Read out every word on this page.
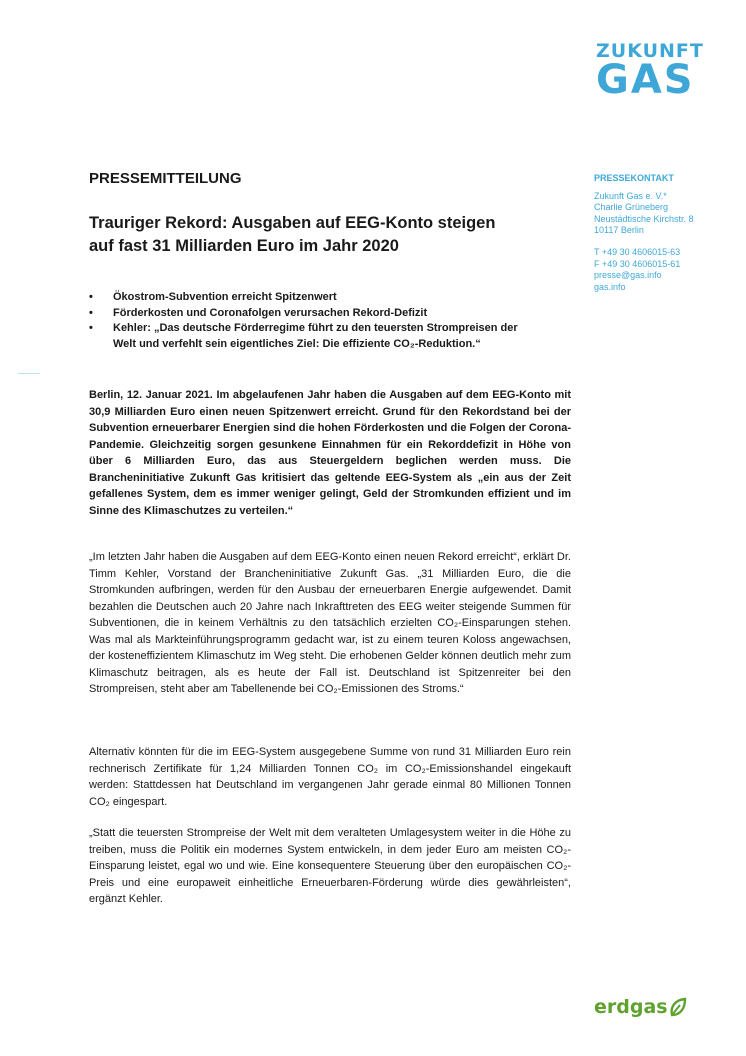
ZUKUNFT
GAS
PRESSEMITTEILUNG
Trauriger Rekord: Ausgaben auf EEG-Konto steigen auf fast 31 Milliarden Euro im Jahr 2020
PRESSEKONTAKT
Zukunft Gas e. V.*
Charlie Grüneberg
Neustädtische Kirchstr. 8
10117 Berlin
T +49 30 4606015-63
F +49 30 4606015-61
presse@gas.info
gas.info
• Ökostrom-Subvention erreicht Spitzenwert
• Förderkosten und Coronafolgen verursachen Rekord-Defizit
• Kehler: „Das deutsche Förderregime führt zu den teuersten Strompreisen der Welt und verfehlt sein eigentliches Ziel: Die effiziente CO₂-Reduktion.“
Berlin, 12. Januar 2021. Im abgelaufenen Jahr haben die Ausgaben auf dem EEG-Konto mit 30,9 Milliarden Euro einen neuen Spitzenwert erreicht. Grund für den Rekordstand bei der Subvention erneuerbarer Energien sind die hohen Förderkosten und die Folgen der Corona-Pandemie. Gleichzeitig sorgen gesunkene Einnahmen für ein Rekorddefizit in Höhe von über 6 Milliarden Euro, das aus Steuergeldern beglichen werden muss. Die Brancheninitiative Zukunft Gas kritisiert das geltende EEG-System als „ein aus der Zeit gefallenes System, dem es immer weniger gelingt, Geld der Stromkunden effizient und im Sinne des Klimaschutzes zu verteilen.“
„Im letzten Jahr haben die Ausgaben auf dem EEG-Konto einen neuen Rekord erreicht“, erklärt Dr. Timm Kehler, Vorstand der Brancheninitiative Zukunft Gas. „31 Milliarden Euro, die die Stromkunden aufbringen, werden für den Ausbau der erneuerbaren Energie aufgewendet. Damit bezahlen die Deutschen auch 20 Jahre nach Inkrafttreten des EEG weiter steigende Summen für Subventionen, die in keinem Verhältnis zu den tatsächlich erzielten CO₂-Einsparungen stehen. Was mal als Markteinführungsprogramm gedacht war, ist zu einem teuren Koloss angewachsen, der kosteneffizientem Klimaschutz im Weg steht. Die erhobenen Gelder können deutlich mehr zum Klimaschutz beitragen, als es heute der Fall ist. Deutschland ist Spitzenreiter bei den Strompreisen, steht aber am Tabellenende bei CO₂-Emissionen des Stroms.“
Alternativ könnten für die im EEG-System ausgegebene Summe von rund 31 Milliarden Euro rein rechnerisch Zertifikate für 1,24 Milliarden Tonnen CO₂ im CO₂-Emissionshandel eingekauft werden: Stattdessen hat Deutschland im vergangenen Jahr gerade einmal 80 Millionen Tonnen CO₂ eingespart.
„Statt die teuersten Strompreise der Welt mit dem veralteten Umlagesystem weiter in die Höhe zu treiben, muss die Politik ein modernes System entwickeln, in dem jeder Euro am meisten CO₂-Einsparung leistet, egal wo und wie. Eine konsequentere Steuerung über den europäischen CO₂-Preis und eine europaweit einheitliche Erneuerbaren-Förderung würde dies gewährleisten“, ergänzt Kehler.
erdgas
